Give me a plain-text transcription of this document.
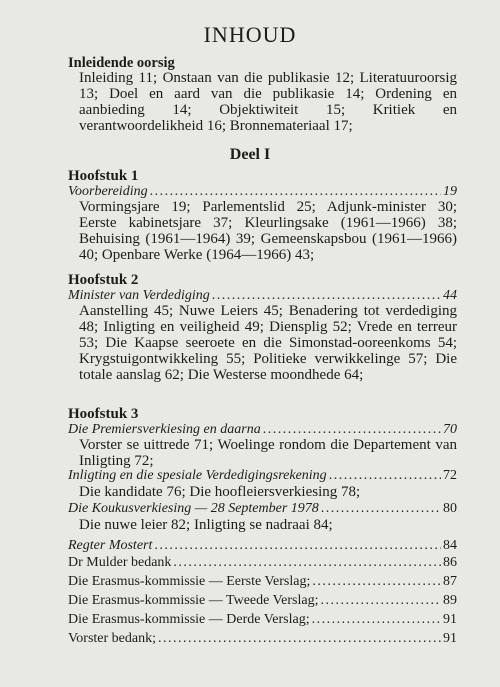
INHOUD
Inleidende oorsig
Inleiding 11; Onstaan van die publikasie 12; Literatuuroorsig 13; Doel en aard van die publikasie 14; Ordening en aanbieding 14; Objektiwiteit 15; Kritiek en verantwoordelikheid 16; Bronnemateriaal 17;
Deel I
Hoofstuk 1
Voorbereiding . . .	19
Vormingsjare 19; Parlementslid 25; Adjunk-minister 30; Eerste kabinetsjare 37; Kleurlingsake (1961—1966) 38; Behuising (1961—1964) 39; Gemeenskapsbou (1961—1966) 40; Openbare Werke (1964—1966) 43;
Hoofstuk 2
Minister van Verdediging . . .	44
Aanstelling 45; Nuwe Leiers 45; Benadering tot verdediging 48; Inligting en veiligheid 49; Diensplig 52; Vrede en terreur 53; Die Kaapse seeroete en die Simonstad-ooreenkoms 54; Krygstuigontwikkeling 55; Politieke verwikkelinge 57; Die totale aanslag 62; Die Westerse moondhede 64;
Hoofstuk 3
Die Premiersverkiesing en daarna . . .	70
Vorster se uittrede 71; Woelinge rondom die Departement van Inligting 72;
Inligting en die spesiale Verdedigingsrekening . . .	72
Die kandidate 76; Die hoofleiersverkiesing 78;
Die Koukusverkiesing — 28 September 1978 . . .	80
Die nuwe leier 82; Inligting se nadraai 84;
Regter Mostert . . .	84
Dr Mulder bedank . . .	86
Die Erasmus-kommissie — Eerste Verslag; . . .	87
Die Erasmus-kommissie — Tweede Verslag; . . .	89
Die Erasmus-kommissie — Derde Verslag; . . .	91
Vorster bedank; . . .	91
